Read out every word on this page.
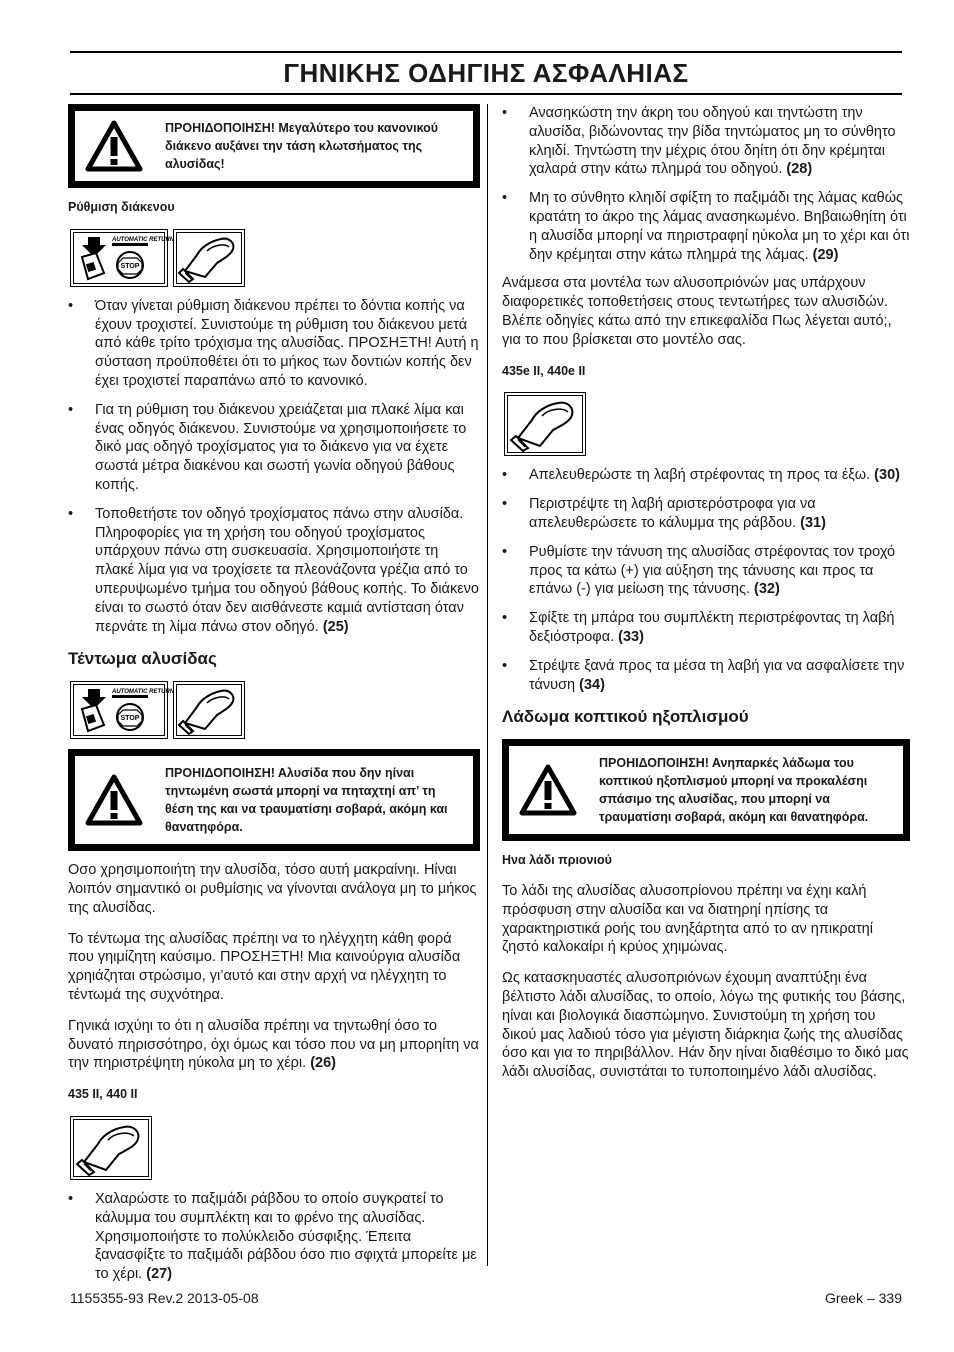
ΓΗΝΙΚΗΣ ΟΔΗΓΙΗΣ ΑΣΦΑΛΗΙΑΣ
ΠΡΟΗΙΔΟΠΟΙΗΣΗ! Μεγαλύτερο του κανονικού διάκενο αυξάνει την τάση κλωτσήματος της αλυσίδας!
Ρύθμιση διάκενου
AUTOMATIC RETURN
STOP
• Όταν γίνεται ρύθμιση διάκενου πρέπει το δόντια κοπής να έχουν τροχιστεί. Συνιστούμε τη ρύθμιση του διάκενου μετά από κάθε τρίτο τρόχισμα της αλυσίδας. ΠΡΟΣΗΞΤΗ! Αυτή η σύσταση προϋποθέτει ότι το μήκος των δοντιών κοπής δεν έχει τροχιστεί παραπάνω από το κανονικό.
• Για τη ρύθμιση του διάκενου χρειάζεται μια πλακέ λίμα και ένας οδηγός διάκενου. Συνιστούμε να χρησιμοποιήσετε το δικό μας οδηγό τροχίσματος για το διάκενο για να έχετε σωστά μέτρα διακένου και σωστή γωνία οδηγού βάθους κοπής.
• Τοποθετήστε τον οδηγό τροχίσματος πάνω στην αλυσίδα. Πληροφορίες για τη χρήση του οδηγού τροχίσματος υπάρχουν πάνω στη συσκευασία. Χρησιμοποιήστε τη πλακέ λίμα για να τροχίσετε τα πλεονάζοντα γρέζια από το υπερυψωμένο τμήμα του οδηγού βάθους κοπής. Το διάκενο είναι το σωστό όταν δεν αισθάνεστε καμιά αντίσταση όταν περνάτε τη λίμα πάνω στον οδηγό. (25)
Τέντωμα αλυσίδας
AUTOMATIC RETURN
STOP
ΠΡΟΗΙΔΟΠΟΙΗΣΗ! Αλυσίδα που δην ηίναι τηντωμένη σωστά μπορηί να πηταχτηί απ’ τη θέση της και να τραυματίσηι σοβαρά, ακόμη και θανατηφόρα.

Οσο χρησιμοποιήτη την αλυσίδα, τόσο αυτή μακραίνηι. Ηίναι λοιπόν σημαντικό οι ρυθμίσηις να γίνονται ανάλογα μη το μήκος της αλυσίδας.

Το τέντωμα της αλυσίδας πρέπηι να το ηλέγχητη κάθη φορά που γηιμίζητη καύσιμο. ΠΡΟΣΗΞΤΗ! Μια καινούργια αλυσίδα χρηιάζηται στρώσιμο, γι’αυτό και στην αρχή να ηλέγχητη το τέντωμά της συχνότηρα.

Γηνικά ισχύηι το ότι η αλυσίδα πρέπηι να τηντωθηί όσο το δυνατό πηρισσότηρο, όχι όμως και τόσο που να μη μπορηίτη να την πηριστρέψητη ηύκολα μη το χέρι. (26)

435 II, 440 II
• Χαλαρώστε το παξιμάδι ράβδου το οποίο συγκρατεί το κάλυμμα του συμπλέκτη και το φρένο της αλυσίδας. Χρησιμοποιήστε το πολύκλειδο σύσφιξης. Έπειτα ξανασφίξτε το παξιμάδι ράβδου όσο πιο σφιχτά μπορείτε με το χέρι. (27)
• Ανασηκώστη την άκρη του οδηγού και τηντώστη την αλυσίδα, βιδώνοντας την βίδα τηντώματος μη το σύνθητο κληιδί. Τηντώστη την μέχρις ότου δηίτη ότι δην κρέμηται χαλαρά στην κάτω πλημρά του οδηγού. (28)
• Μη το σύνθητο κληιδί σφίξτη το παξιμάδι της λάμας καθώς κρατάτη το άκρο της λάμας ανασηκωμένο. Βηβαιωθηίτη ότι η αλυσίδα μπορηί να πηριστραφηί ηύκολα μη το χέρι και ότι δην κρέμηται στην κάτω πλημρά της λάμας. (29)

Ανάμεσα στα μοντέλα των αλυσοπριόνών μας υπάρχουν διαφορετικές τοποθετήσεις στους τεντωτήρες των αλυσιδών. Βλέπε οδηγίες κάτω από την επικεφαλίδα Πως λέγεται αυτό;, για το που βρίσκεται στο μοντέλο σας.

435e II, 440e II
• Απελευθερώστε τη λαβή στρέφοντας τη προς τα έξω. (30)
• Περιστρέψτε τη λαβή αριστερόστροφα για να απελευθερώσετε το κάλυμμα της ράβδου. (31)
• Ρυθμίστε την τάνυση της αλυσίδας στρέφοντας τον τροχό προς τα κάτω (+) για αύξηση της τάνυσης και προς τα επάνω (-) για μείωση της τάνυσης. (32)
• Σφίξτε τη μπάρα του συμπλέκτη περιστρέφοντας τη λαβή δεξιόστροφα. (33)
• Στρέψτε ξανά προς τα μέσα τη λαβή για να ασφαλίσετε την τάνυση (34)
Λάδωμα κοπτικού ηξοπλισμού
ΠΡΟΗΙΔΟΠΟΙΗΣΗ! Ανηπαρκές λάδωμα του κοπτικού ηξοπλισμού μπορηί να προκαλέσηι σπάσιμο της αλυσίδας, που μπορηί να τραυματίσηι σοβαρά, ακόμη και θανατηφόρα.
Ηνα λάδι πριονιού

Το λάδι της αλυσίδας αλυσοπρίονου πρέπηι να έχηι καλή πρόσφυση στην αλυσίδα και να διατηρηί ηπίσης τα χαρακτηριστικά ροής του ανηξάρτητα από το αν ηπικρατηί ζηστό καλοκαίρι ή κρύος χηιμώνας.

Ως κατασκηυαστές αλυσοπριόνων έχουμη αναπτύξηι ένα βέλτιστο λάδι αλυσίδας, το οποίο, λόγω της φυτικής του βάσης, ηίναι και βιολογικά διασπώμηνο. Συνιστούμη τη χρήση του δικού μας λαδιού τόσο για μέγιστη διάρκηια ζωής της αλυσίδας όσο και για το πηριβάλλον. Ηάν δην ηίναι διαθέσιμο το δικό μας λάδι αλυσίδας, συνιστάται το τυποποιημένο λάδι αλυσίδας.

1155355-93 Rev.2 2013-05-08	Greek – 339
